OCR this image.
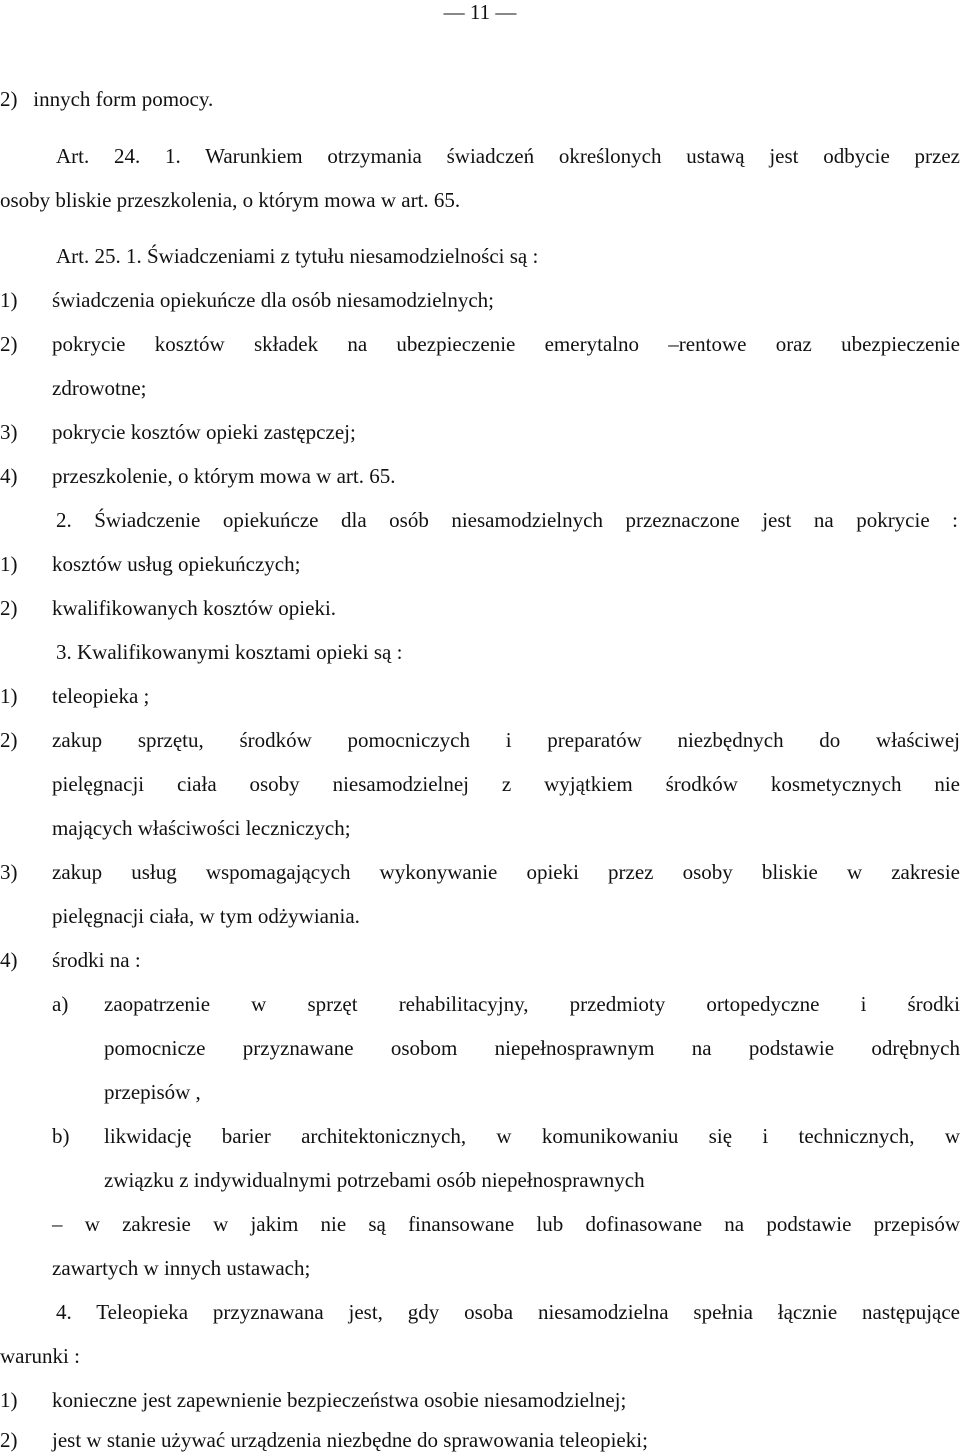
— 11 —
2)   innych form pomocy.
Art. 24. 1. Warunkiem otrzymania świadczeń określonych ustawą jest odbycie przez
osoby bliskie przeszkolenia, o którym mowa w art. 65.
Art. 25. 1. Świadczeniami z tytułu niesamodzielności są :
1) świadczenia opiekuńcze dla osób niesamodzielnych;
2) pokrycie kosztów składek na ubezpieczenie emerytalno –rentowe oraz ubezpieczenie
zdrowotne;
3) pokrycie kosztów opieki zastępczej;
4) przeszkolenie, o którym mowa w art. 65.
2. Świadczenie opiekuńcze dla osób niesamodzielnych przeznaczone jest na pokrycie :
1) kosztów usług opiekuńczych;
2) kwalifikowanych kosztów opieki.
3. Kwalifikowanymi kosztami opieki są :
1) teleopieka ;
2) zakup sprzętu, środków pomocniczych i preparatów niezbędnych do właściwej
pielęgnacji ciała osoby niesamodzielnej z wyjątkiem środków kosmetycznych nie
mających właściwości leczniczych;
3) zakup usług wspomagających wykonywanie opieki przez osoby bliskie w zakresie
pielęgnacji ciała, w tym odżywiania.
4) środki na :
a) zaopatrzenie w sprzęt rehabilitacyjny, przedmioty ortopedyczne i środki
pomocnicze przyznawane osobom niepełnosprawnym na podstawie odrębnych
przepisów ,
b) likwidację barier architektonicznych, w komunikowaniu się i technicznych, w
związku z indywidualnymi potrzebami osób niepełnosprawnych
– w zakresie w jakim nie są finansowane lub dofinasowane na podstawie przepisów
zawartych w innych ustawach;
4. Teleopieka przyznawana jest, gdy osoba niesamodzielna spełnia łącznie następujące
warunki :
1) konieczne jest zapewnienie bezpieczeństwa osobie niesamodzielnej;
2) jest w stanie używać urządzenia niezbędne do sprawowania teleopieki;
